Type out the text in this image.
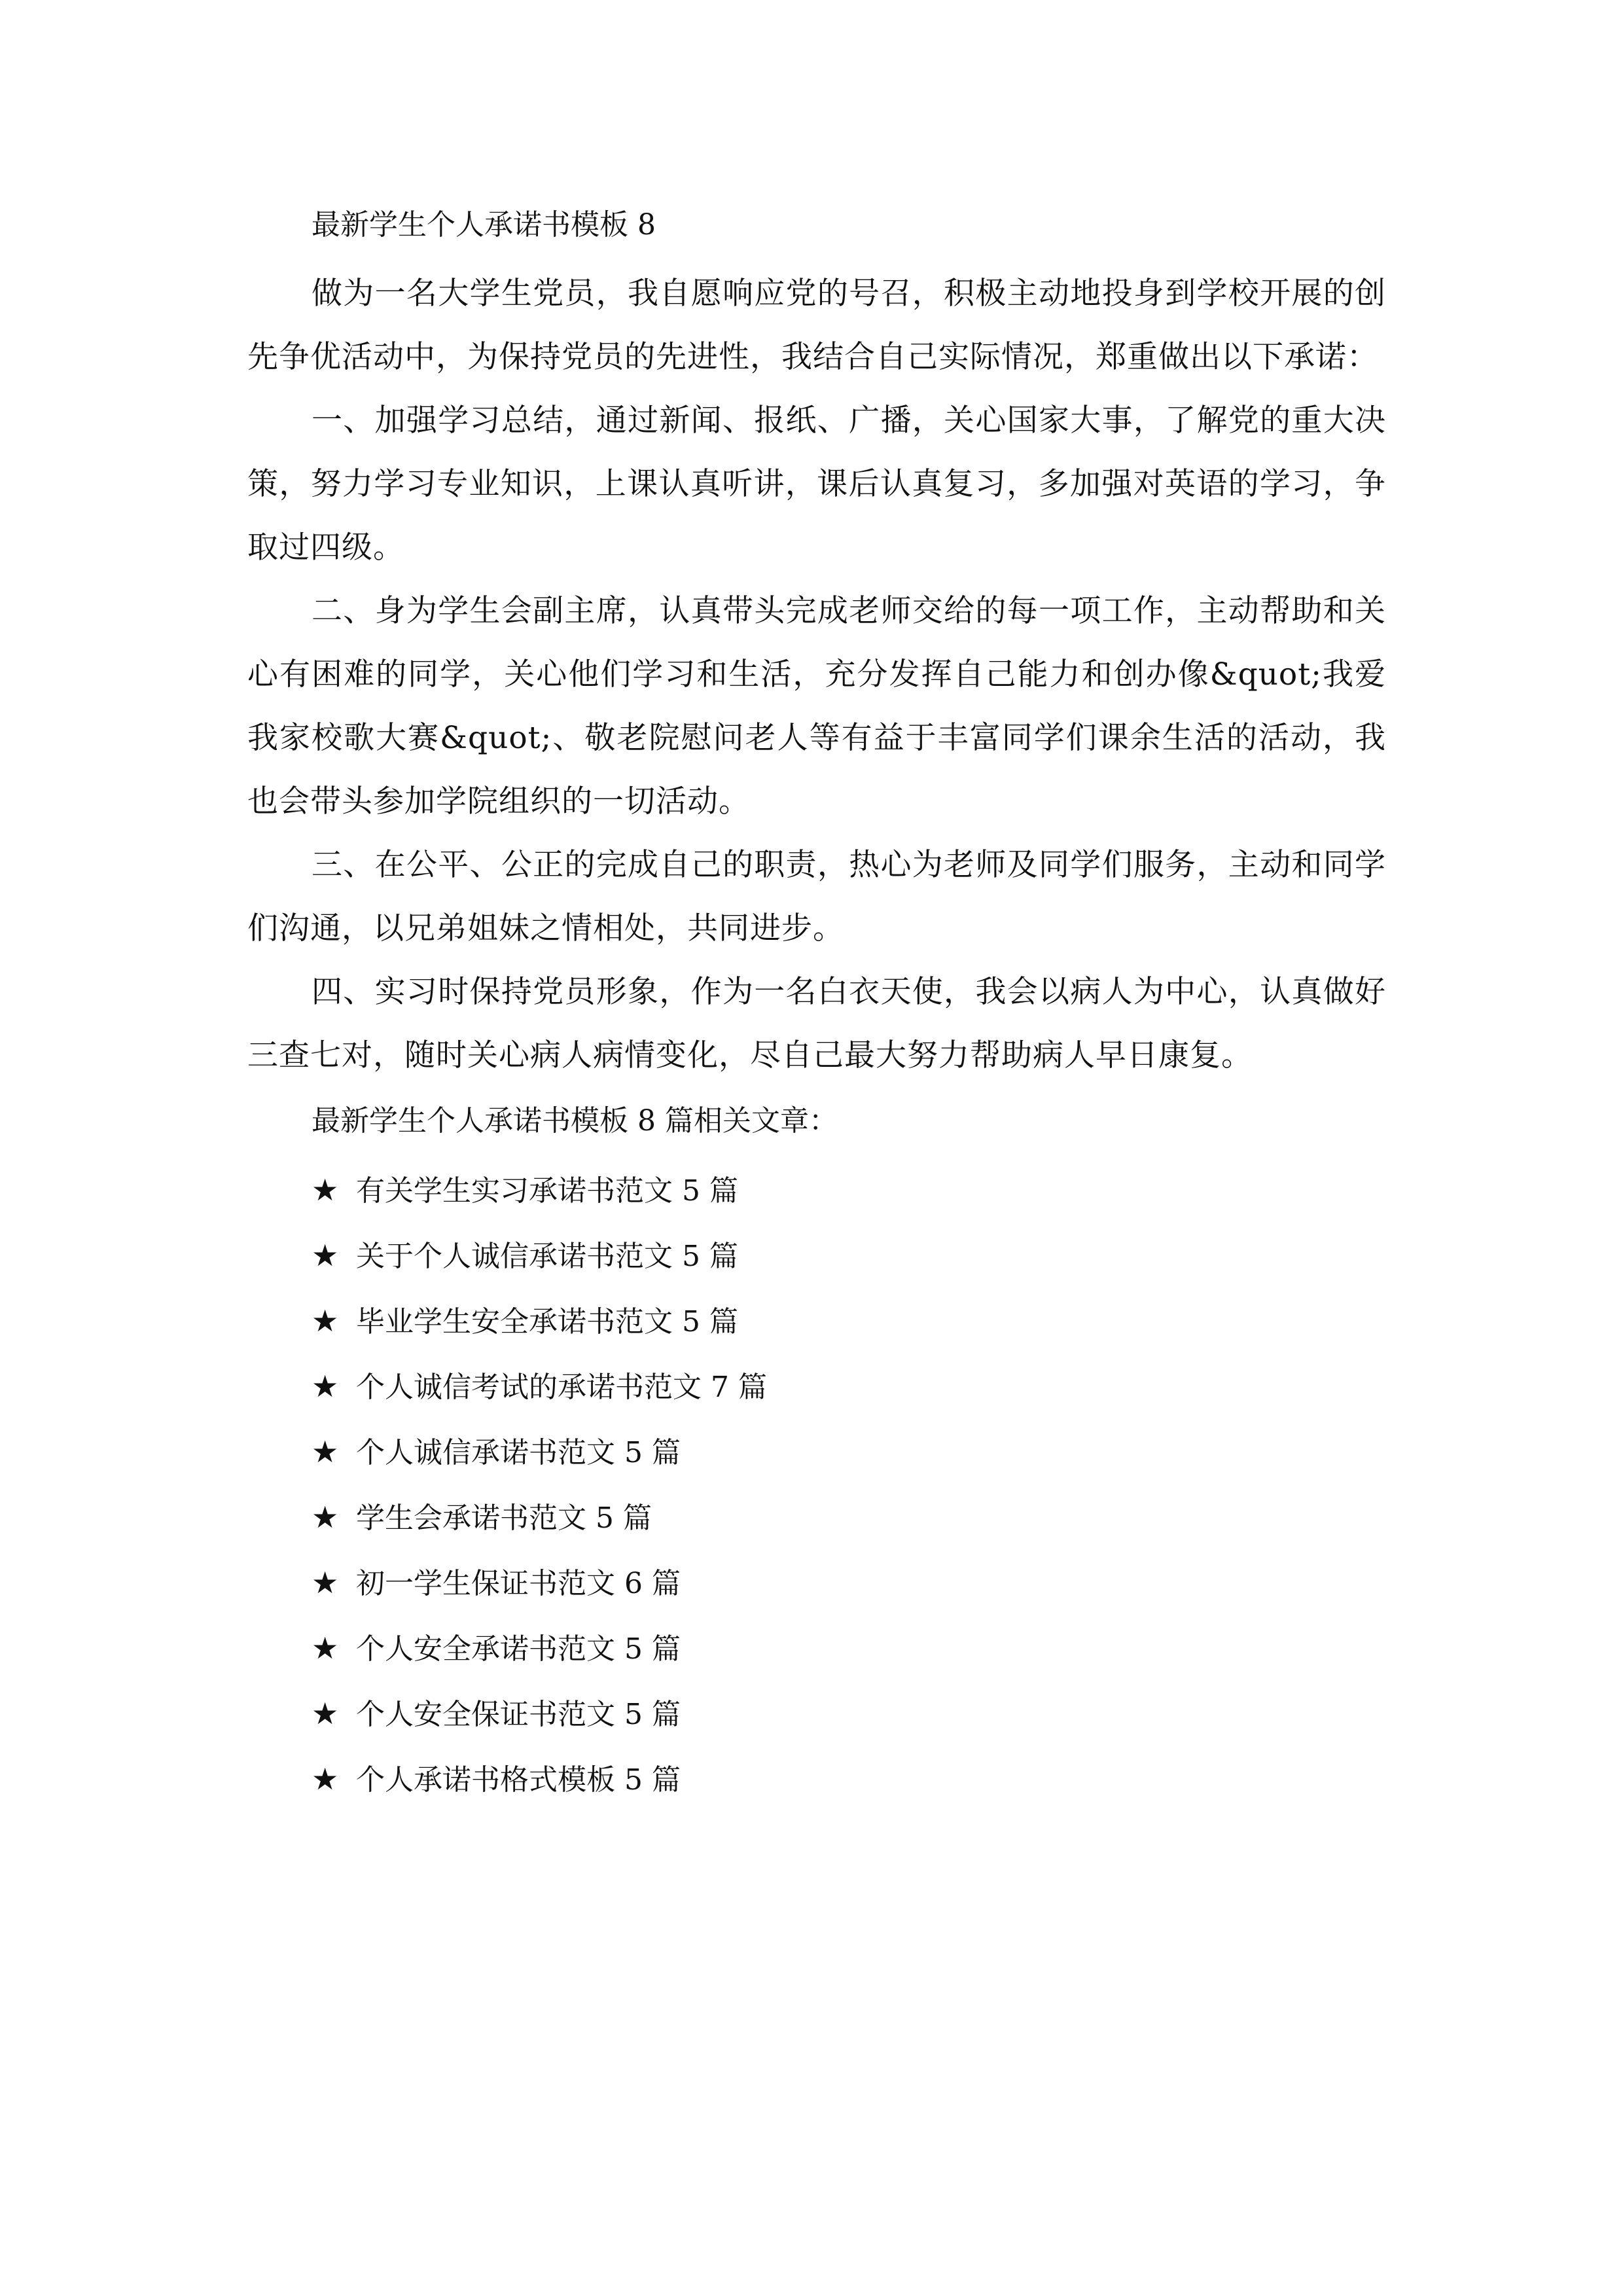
最新学生个人承诺书模板 8

做为一名大学生党员，我自愿响应党的号召，积极主动地投身到学校开展的创先争优活动中，为保持党员的先进性，我结合自己实际情况，郑重做出以下承诺：

一、加强学习总结，通过新闻、报纸、广播，关心国家大事，了解党的重大决策，努力学习专业知识，上课认真听讲，课后认真复习，多加强对英语的学习，争取过四级。

二、身为学生会副主席，认真带头完成老师交给的每一项工作，主动帮助和关心有困难的同学，关心他们学习和生活，充分发挥自己能力和创办像&quot;我爱我家校歌大赛&quot;、敬老院慰问老人等有益于丰富同学们课余生活的活动，我也会带头参加学院组织的一切活动。

三、在公平、公正的完成自己的职责，热心为老师及同学们服务，主动和同学们沟通，以兄弟姐妹之情相处，共同进步。

四、实习时保持党员形象，作为一名白衣天使，我会以病人为中心，认真做好三查七对，随时关心病人病情变化，尽自己最大努力帮助病人早日康复。

最新学生个人承诺书模板 8 篇相关文章：
★ 有关学生实习承诺书范文 5 篇
★ 关于个人诚信承诺书范文 5 篇
★ 毕业学生安全承诺书范文 5 篇
★ 个人诚信考试的承诺书范文 7 篇
★ 个人诚信承诺书范文 5 篇
★ 学生会承诺书范文 5 篇
★ 初一学生保证书范文 6 篇
★ 个人安全承诺书范文 5 篇
★ 个人安全保证书范文 5 篇
★ 个人承诺书格式模板 5 篇
